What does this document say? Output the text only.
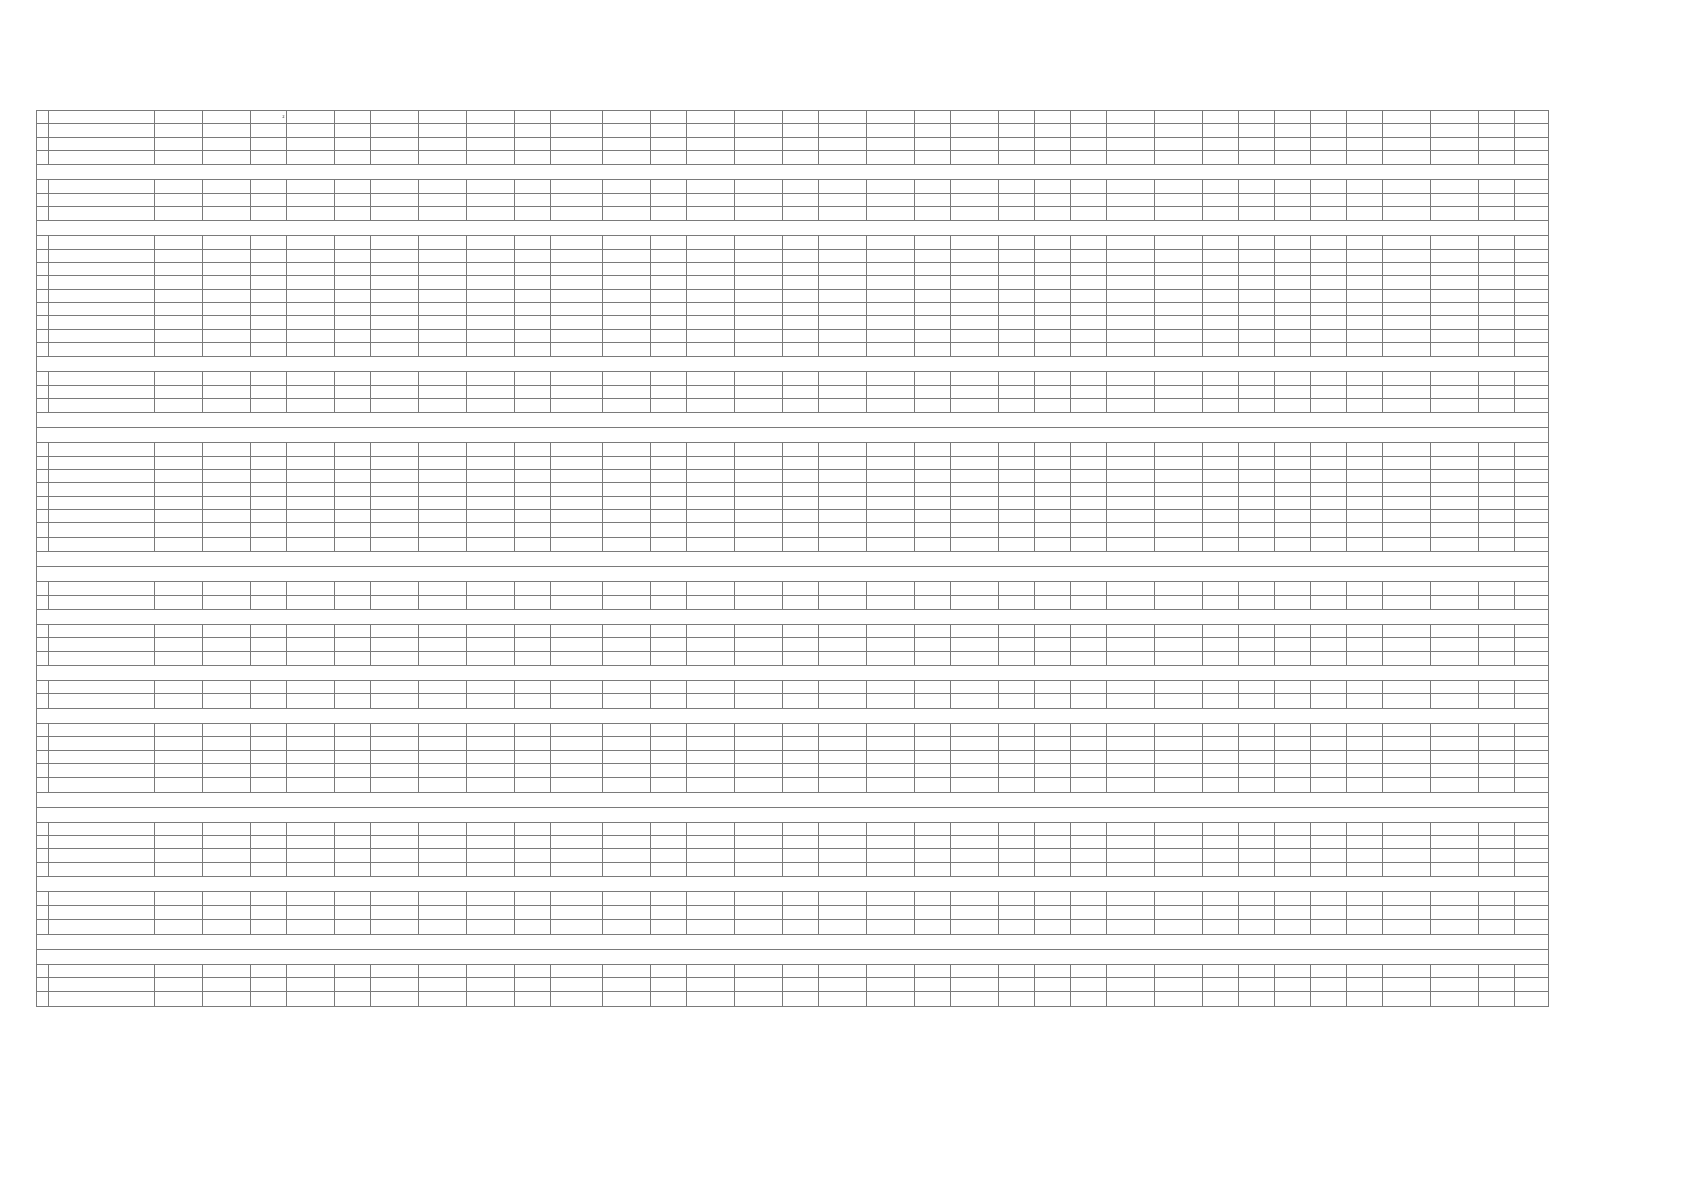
				2																														
